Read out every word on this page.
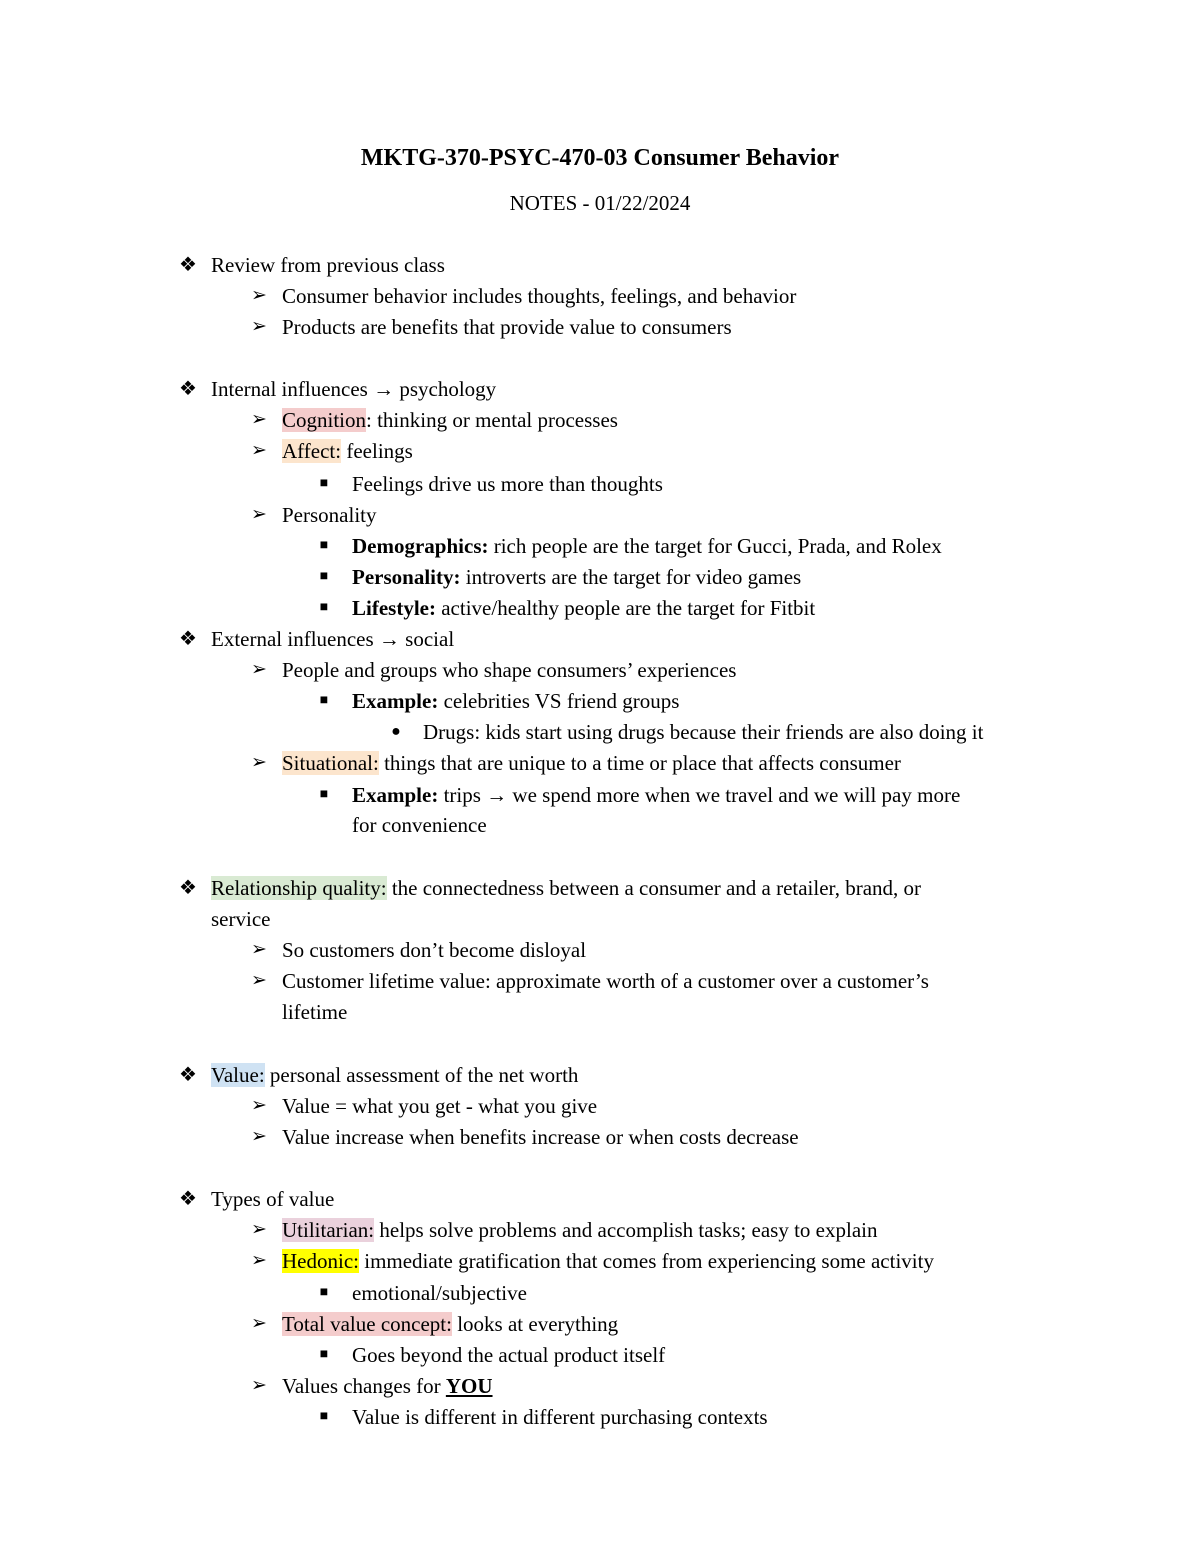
MKTG-370-PSYC-470-03 Consumer Behavior
NOTES - 01/22/2024
❖ Review from previous class
➢ Consumer behavior includes thoughts, feelings, and behavior
➢ Products are benefits that provide value to consumers
❖ Internal influences → psychology
➢ Cognition: thinking or mental processes
➢ Affect: feelings
■ Feelings drive us more than thoughts
➢ Personality
■ Demographics: rich people are the target for Gucci, Prada, and Rolex
■ Personality: introverts are the target for video games
■ Lifestyle: active/healthy people are the target for Fitbit
❖ External influences → social
➢ People and groups who shape consumers’ experiences
■ Example: celebrities VS friend groups
● Drugs: kids start using drugs because their friends are also doing it
➢ Situational: things that are unique to a time or place that affects consumer
■ Example: trips → we spend more when we travel and we will pay more
for convenience
❖ Relationship quality: the connectedness between a consumer and a retailer, brand, or
service
➢ So customers don’t become disloyal
➢ Customer lifetime value: approximate worth of a customer over a customer’s
lifetime
❖ Value: personal assessment of the net worth
➢ Value = what you get - what you give
➢ Value increase when benefits increase or when costs decrease
❖ Types of value
➢ Utilitarian: helps solve problems and accomplish tasks; easy to explain
➢ Hedonic: immediate gratification that comes from experiencing some activity
■ emotional/subjective
➢ Total value concept: looks at everything
■ Goes beyond the actual product itself
➢ Values changes for YOU
■ Value is different in different purchasing contexts
